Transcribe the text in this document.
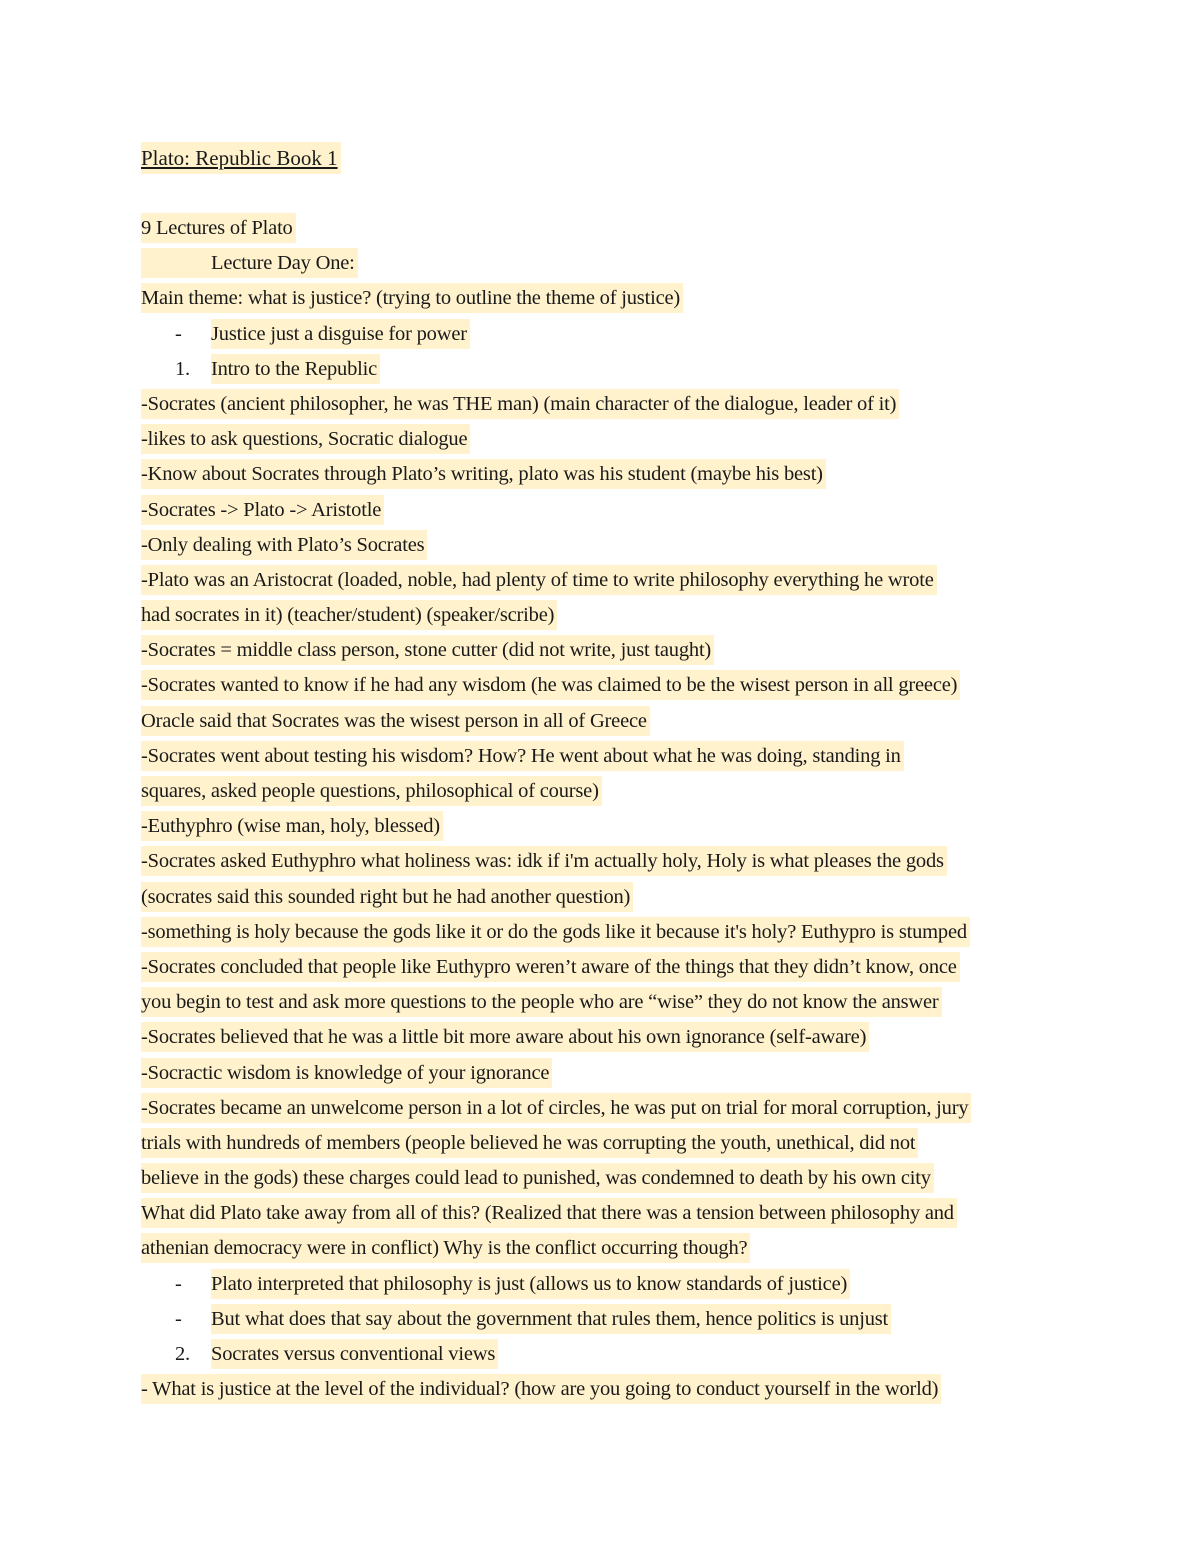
Plato: Republic Book 1
9 Lectures of Plato
Lecture Day One:
Main theme: what is justice? (trying to outline the theme of justice)
- Justice just a disguise for power
1. Intro to the Republic
-Socrates (ancient philosopher, he was THE man) (main character of the dialogue, leader of it)
-likes to ask questions, Socratic dialogue
-Know about Socrates through Plato’s writing, plato was his student (maybe his best)
-Socrates -> Plato -> Aristotle
-Only dealing with Plato’s Socrates
-Plato was an Aristocrat (loaded, noble, had plenty of time to write philosophy everything he wrote
had socrates in it) (teacher/student) (speaker/scribe)
-Socrates = middle class person, stone cutter (did not write, just taught)
-Socrates wanted to know if he had any wisdom (he was claimed to be the wisest person in all greece)
Oracle said that Socrates was the wisest person in all of Greece
-Socrates went about testing his wisdom? How? He went about what he was doing, standing in
squares, asked people questions, philosophical of course)
-Euthyphro (wise man, holy, blessed)
-Socrates asked Euthyphro what holiness was: idk if i'm actually holy, Holy is what pleases the gods
(socrates said this sounded right but he had another question)
-something is holy because the gods like it or do the gods like it because it's holy? Euthypro is stumped
-Socrates concluded that people like Euthypro weren’t aware of the things that they didn’t know, once
you begin to test and ask more questions to the people who are “wise” they do not know the answer
-Socrates believed that he was a little bit more aware about his own ignorance (self-aware)
-Socractic wisdom is knowledge of your ignorance
-Socrates became an unwelcome person in a lot of circles, he was put on trial for moral corruption, jury
trials with hundreds of members (people believed he was corrupting the youth, unethical, did not
believe in the gods) these charges could lead to punished, was condemned to death by his own city
What did Plato take away from all of this? (Realized that there was a tension between philosophy and
athenian democracy were in conflict) Why is the conflict occurring though?
- Plato interpreted that philosophy is just (allows us to know standards of justice)
- But what does that say about the government that rules them, hence politics is unjust
2. Socrates versus conventional views
- What is justice at the level of the individual? (how are you going to conduct yourself in the world)
